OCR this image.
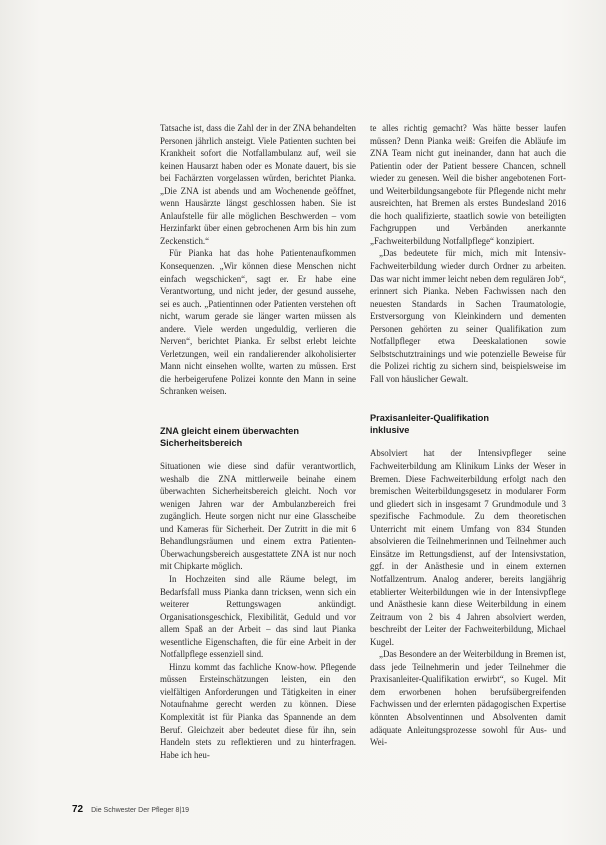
Tatsache ist, dass die Zahl der in der ZNA behandelten Personen jährlich ansteigt. Viele Patienten suchten bei Krankheit sofort die Notfallambulanz auf, weil sie keinen Hausarzt haben oder es Monate dauert, bis sie bei Fachärzten vorgelassen würden, berichtet Pianka. „Die ZNA ist abends und am Wochenende geöffnet, wenn Hausärzte längst geschlossen haben. Sie ist Anlaufstelle für alle möglichen Beschwerden – vom Herzinfarkt über einen gebrochenen Arm bis hin zum Zeckenstich.“

Für Pianka hat das hohe Patientenaufkommen Konsequenzen. „Wir können diese Menschen nicht einfach wegschicken“, sagt er. Er habe eine Verantwortung, und nicht jeder, der gesund aussehe, sei es auch. „Patientinnen oder Patienten verstehen oft nicht, warum gerade sie länger warten müssen als andere. Viele werden ungeduldig, verlieren die Nerven“, berichtet Pianka. Er selbst erlebt leichte Verletzungen, weil ein randalierender alkoholisierter Mann nicht einsehen wollte, warten zu müssen. Erst die herbeigerufene Polizei konnte den Mann in seine Schranken weisen.

ZNA gleicht einem überwachten
Sicherheitsbereich

Situationen wie diese sind dafür verantwortlich, weshalb die ZNA mittlerweile beinahe einem überwachten Sicherheitsbereich gleicht. Noch vor wenigen Jahren war der Ambulanzbereich frei zugänglich. Heute sorgen nicht nur eine Glasscheibe und Kameras für Sicherheit. Der Zutritt in die mit 6 Behandlungsräumen und einem extra Patienten-Überwachungsbereich ausgestattete ZNA ist nur noch mit Chipkarte möglich.

In Hochzeiten sind alle Räume belegt, im Bedarfsfall muss Pianka dann tricksen, wenn sich ein weiterer Rettungswagen ankündigt. Organisationsgeschick, Flexibilität, Geduld und vor allem Spaß an der Arbeit – das sind laut Pianka wesentliche Eigenschaften, die für eine Arbeit in der Notfallpflege essenziell sind.

Hinzu kommt das fachliche Know-how. Pflegende müssen Ersteinschätzungen leisten, ein den vielfältigen Anforderungen und Tätigkeiten in einer Notaufnahme gerecht werden zu können. Diese Komplexität ist für Pianka das Spannende an dem Beruf. Gleichzeit aber bedeutet diese für ihn, sein Handeln stets zu reflektieren und zu hinterfragen. Habe ich heu-

te alles richtig gemacht? Was hätte besser laufen müssen? Denn Pianka weiß: Greifen die Abläufe im ZNA Team nicht gut ineinander, dann hat auch die Patientin oder der Patient bessere Chancen, schnell wieder zu genesen. Weil die bisher angebotenen Fort- und Weiterbildungsangebote für Pflegende nicht mehr ausreichten, hat Bremen als erstes Bundesland 2016 die hoch qualifizierte, staatlich sowie von beteiligten Fachgruppen und Verbänden anerkannte „Fachweiterbildung Notfallpflege“ konzipiert.

„Das bedeutete für mich, mich mit Intensiv-Fachweiterbildung wieder durch Ordner zu arbeiten. Das war nicht immer leicht neben dem regulären Job“, erinnert sich Pianka. Neben Fachwissen nach den neuesten Standards in Sachen Traumatologie, Erstversorgung von Kleinkindern und dementen Personen gehörten zu seiner Qualifikation zum Notfallpfleger etwa Deeskalationen sowie Selbstschutztrainings und wie potenzielle Beweise für die Polizei richtig zu sichern sind, beispielsweise im Fall von häuslicher Gewalt.

Praxisanleiter-Qualifikation
inklusive

Absolviert hat der Intensivpfleger seine Fachweiterbildung am Klinikum Links der Weser in Bremen. Diese Fachweiterbildung erfolgt nach den bremischen Weiterbildungsgesetz in modularer Form und gliedert sich in insgesamt 7 Grundmodule und 3 spezifische Fachmodule. Zu dem theoretischen Unterricht mit einem Umfang von 834 Stunden absolvieren die Teilnehmerinnen und Teilnehmer auch Einsätze im Rettungsdienst, auf der Intensivstation, ggf. in der Anästhesie und in einem externen Notfallzentrum. Analog anderer, bereits langjährig etablierter Weiterbildungen wie in der Intensivpflege und Anästhesie kann diese Weiterbildung in einem Zeitraum von 2 bis 4 Jahren absolviert werden, beschreibt der Leiter der Fachweiterbildung, Michael Kugel.

„Das Besondere an der Weiterbildung in Bremen ist, dass jede Teilnehmerin und jeder Teilnehmer die Praxisanleiter-Qualifikation erwirbt“, so Kugel. Mit dem erworbenen hohen berufsübergreifenden Fachwissen und der erlernten pädagogischen Expertise könnten Absolventinnen und Absolventen damit adäquate Anleitungsprozesse sowohl für Aus- und Wei-

72 Die Schwester Der Pfleger 8|19
